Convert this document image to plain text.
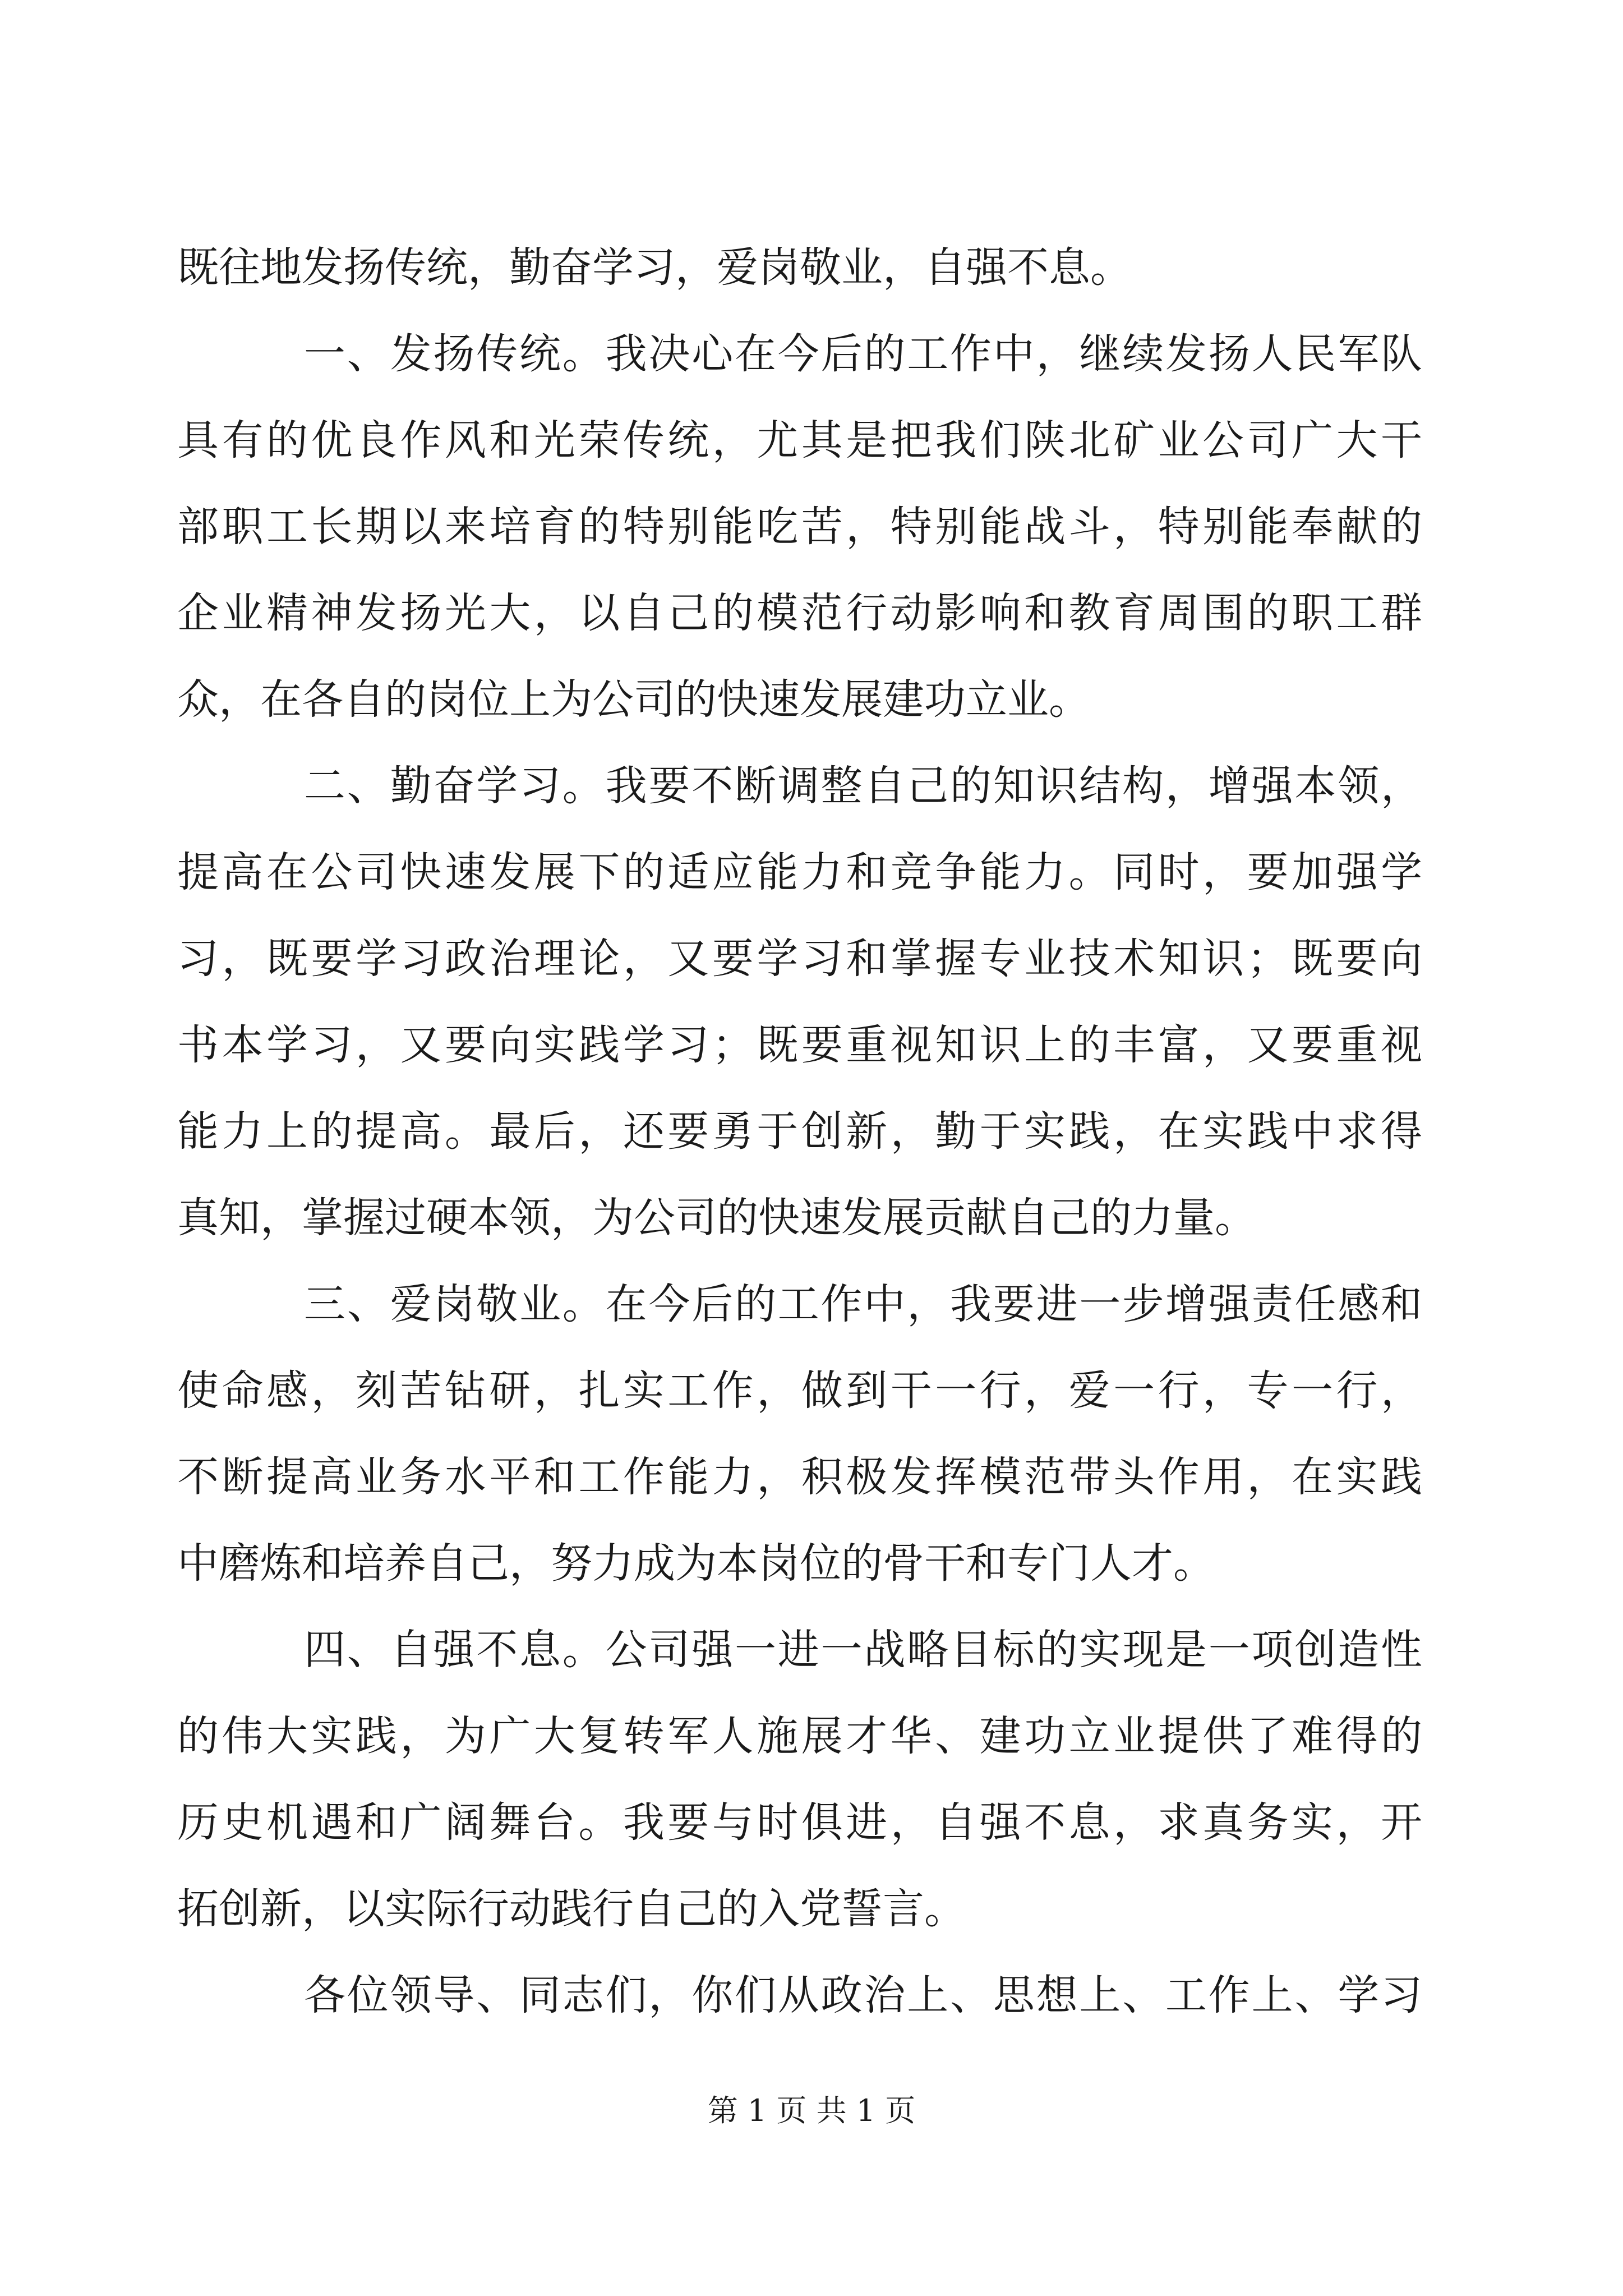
既往地发扬传统，勤奋学习，爱岗敬业，自强不息。
一、发扬传统。我决心在今后的工作中，继续发扬人民军队
具有的优良作风和光荣传统，尤其是把我们陕北矿业公司广大干
部职工长期以来培育的特别能吃苦，特别能战斗，特别能奉献的
企业精神发扬光大，以自己的模范行动影响和教育周围的职工群
众，在各自的岗位上为公司的快速发展建功立业。
二、勤奋学习。我要不断调整自己的知识结构，增强本领，
提高在公司快速发展下的适应能力和竞争能力。同时，要加强学
习，既要学习政治理论，又要学习和掌握专业技术知识；既要向
书本学习，又要向实践学习；既要重视知识上的丰富，又要重视
能力上的提高。最后，还要勇于创新，勤于实践，在实践中求得
真知，掌握过硬本领，为公司的快速发展贡献自己的力量。
三、爱岗敬业。在今后的工作中，我要进一步增强责任感和
使命感，刻苦钻研，扎实工作，做到干一行，爱一行，专一行，
不断提高业务水平和工作能力，积极发挥模范带头作用，在实践
中磨炼和培养自己，努力成为本岗位的骨干和专门人才。
四、自强不息。公司强一进一战略目标的实现是一项创造性
的伟大实践，为广大复转军人施展才华、建功立业提供了难得的
历史机遇和广阔舞台。我要与时俱进，自强不息，求真务实，开
拓创新，以实际行动践行自己的入党誓言。
各位领导、同志们，你们从政治上、思想上、工作上、学习
第 1 页 共 1 页
